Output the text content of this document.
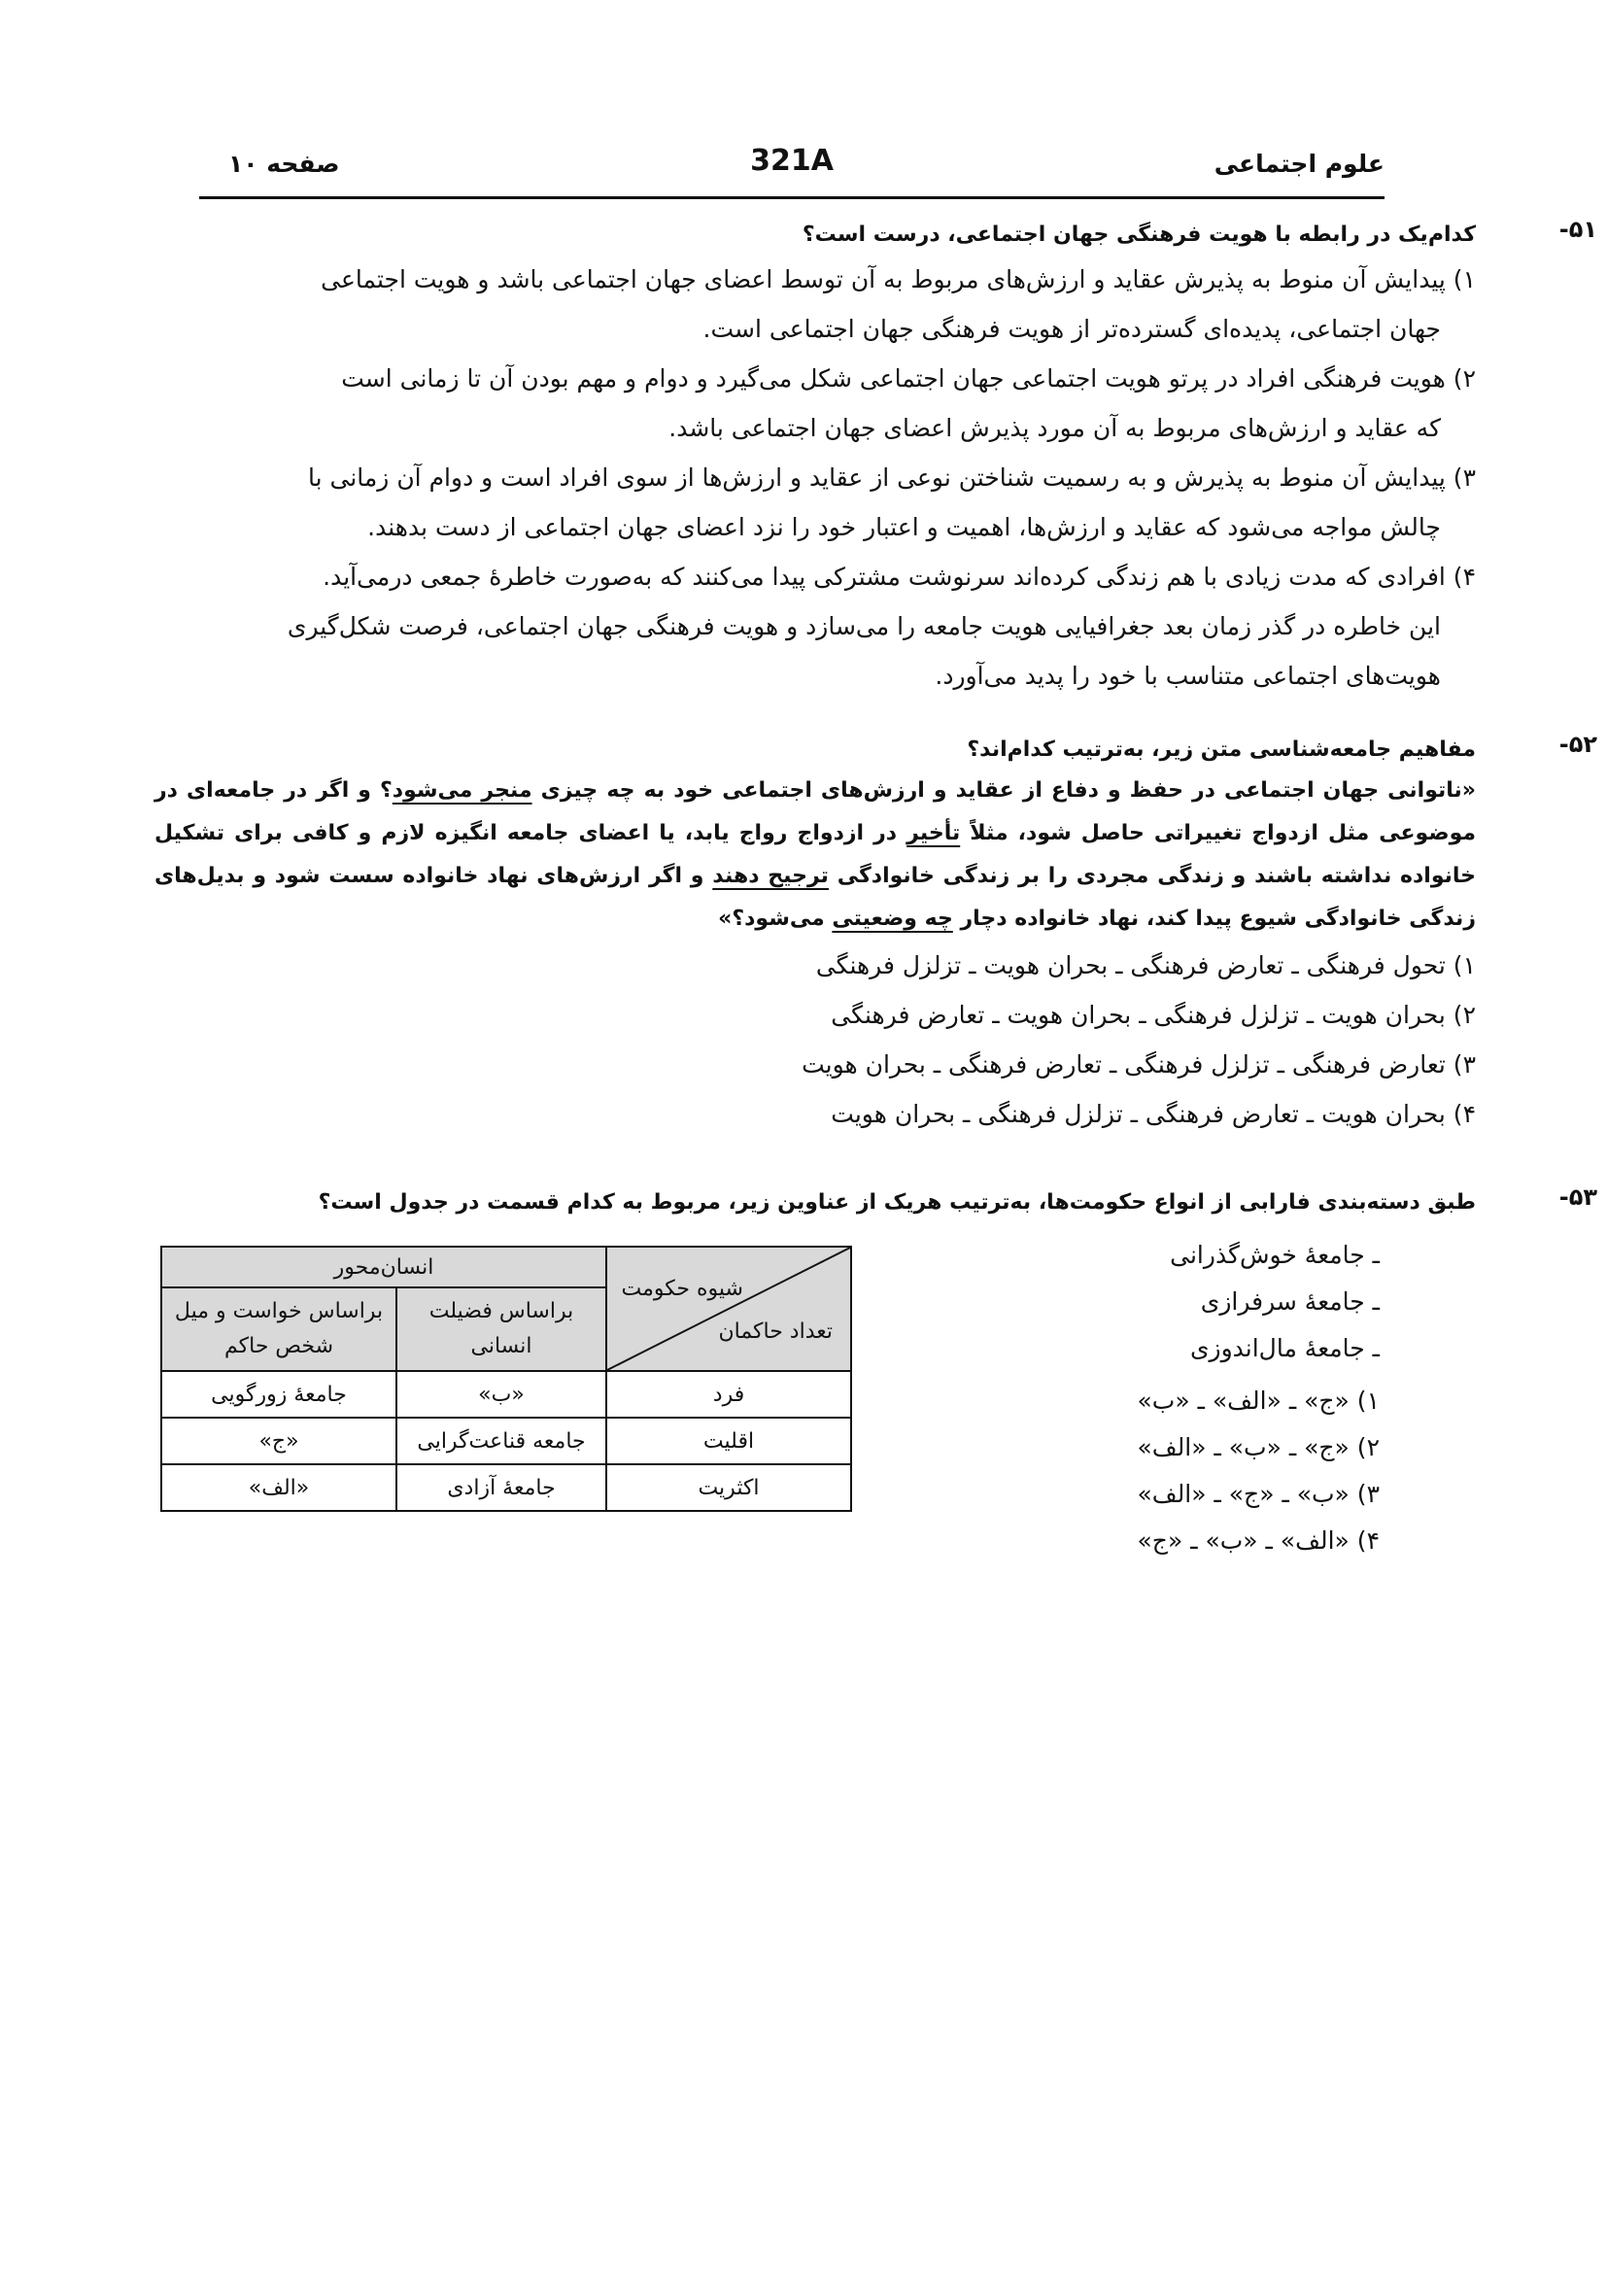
علوم اجتماعی
321A
صفحه ۱۰
۵۱-

کدام‌یک در رابطه با هویت فرهنگی جهان اجتماعی، درست است؟

۱) پیدایش آن منوط به پذیرش عقاید و ارزش‌های مربوط به آن توسط اعضای جهان اجتماعی باشد و هویت اجتماعی
جهان اجتماعی، پدیده‌ای گسترده‌تر از هویت فرهنگی جهان اجتماعی است.

۲) هویت فرهنگی افراد در پرتو هویت اجتماعی جهان اجتماعی شکل می‌گیرد و دوام و مهم بودن آن تا زمانی است
که عقاید و ارزش‌های مربوط به آن مورد پذیرش اعضای جهان اجتماعی باشد.

۳) پیدایش آن منوط به پذیرش و به رسمیت شناختن نوعی از عقاید و ارزش‌ها از سوی افراد است و دوام آن زمانی با
چالش مواجه می‌شود که عقاید و ارزش‌ها، اهمیت و اعتبار خود را نزد اعضای جهان اجتماعی از دست بدهند.

۴) افرادی که مدت زیادی با هم زندگی کرده‌اند سرنوشت مشترکی پیدا می‌کنند که به‌صورت خاطرهٔ جمعی درمی‌آید.
این خاطره در گذر زمان بعد جغرافیایی هویت جامعه را می‌سازد و هویت فرهنگی جهان اجتماعی، فرصت شکل‌گیری
هویت‌های اجتماعی متناسب با خود را پدید می‌آورد.

۵۲-

مفاهیم جامعه‌شناسی متن زیر، به‌ترتیب کدام‌اند؟

«ناتوانی جهان اجتماعی در حفظ و دفاع از عقاید و ارزش‌های اجتماعی خود به چه چیزی منجر می‌شود؟ و اگر در جامعه‌ای در موضوعی مثل ازدواج تغییراتی حاصل شود، مثلاً تأخیر در ازدواج رواج یابد، یا اعضای جامعه انگیزه لازم و کافی برای تشکیل خانواده نداشته باشند و زندگی مجردی را بر زندگی خانوادگی ترجیح دهند و اگر ارزش‌های نهاد خانواده سست شود و بدیل‌های زندگی خانوادگی شیوع پیدا کند، نهاد خانواده دچار چه وضعیتی می‌شود؟»

۱) تحول فرهنگی ـ تعارض فرهنگی ـ بحران هویت ـ تزلزل فرهنگی

۲) بحران هویت ـ تزلزل فرهنگی ـ بحران هویت ـ تعارض فرهنگی

۳) تعارض فرهنگی ـ تزلزل فرهنگی ـ تعارض فرهنگی ـ بحران هویت

۴) بحران هویت ـ تعارض فرهنگی ـ تزلزل فرهنگی ـ بحران هویت

۵۳-

طبق دسته‌بندی فارابی از انواع حکومت‌ها، به‌ترتیب هریک از عناوین زیر، مربوط به کدام قسمت در جدول است؟

ـ جامعهٔ خوش‌گذرانی

ـ جامعهٔ سرفرازی

ـ جامعهٔ مال‌اندوزی

۱) «ج» ـ «الف» ـ «ب»

۲) «ج» ـ «ب» ـ «الف»

۳) «ب» ـ «ج» ـ «الف»

۴) «الف» ـ «ب» ـ «ج»

شیوه حکومت
تعداد حاکمان	انسان‌محور	
	براساس فضیلت انسانی	براساس خواست و میل شخص حاکم
فرد	«ب»	جامعهٔ زورگویی
اقلیت	جامعه قناعت‌گرایی	«ج»
اکثریت	جامعهٔ آزادی	«الف»
